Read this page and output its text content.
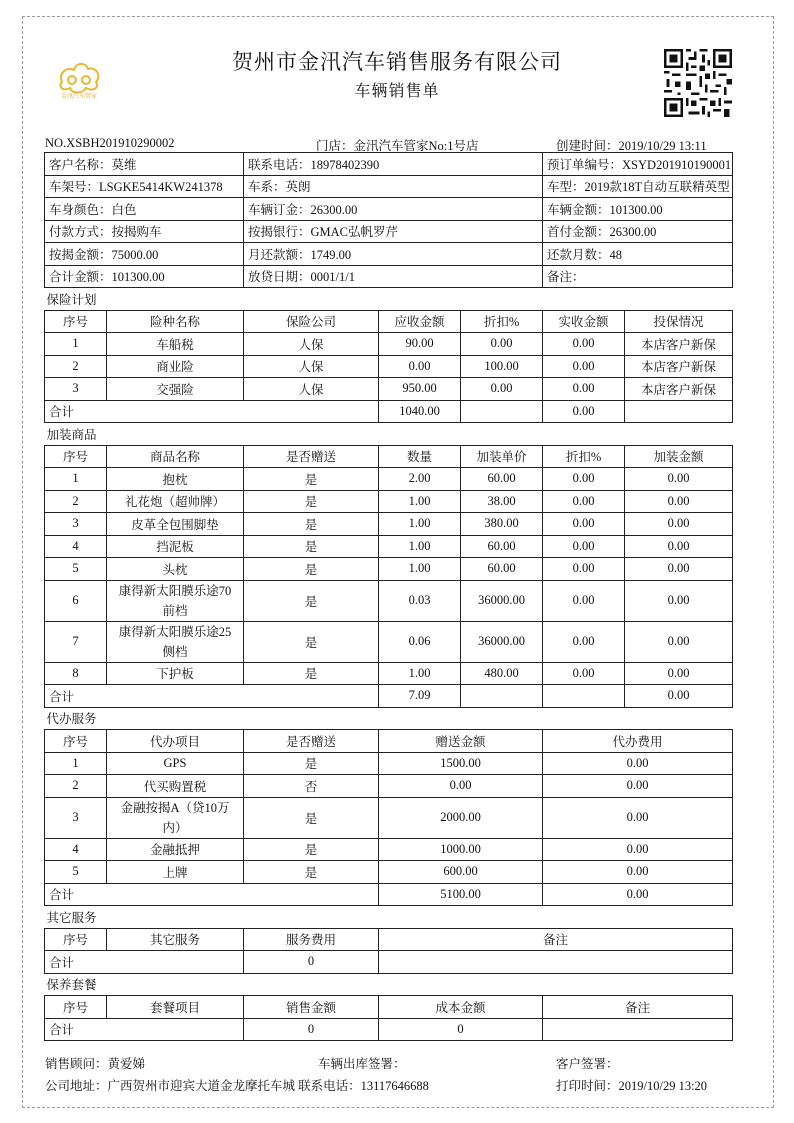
金汛汽车管家
贺州市金汛汽车销售服务有限公司
车辆销售单
NO.XSBH201910290002	门店：金汛汽车管家No:1号店	创建时间：2019/10/29 13:11
客户名称：莫维		联系电话：18978402390			预订单编号：XSYD201910190001	
车架号：LSGKE5414KW241378		车系：英朗			车型：2019款18T自动互联精英型	
车身颜色：白色		车辆订金：26300.00			车辆金额：101300.00	
付款方式：按揭购车		按揭银行：GMAC弘帆罗芹			首付金额：26300.00	
按揭金额：75000.00		月还款额：1749.00			还款月数：48	
合计金额：101300.00		放贷日期：0001/1/1			备注：	
保险计划						
序号	险种名称	保险公司	应收金额	折扣%	实收金额	投保情况
1	车船税	人保	90.00	0.00	0.00	本店客户新保
2	商业险	人保	0.00	100.00	0.00	本店客户新保
3	交强险	人保	950.00	0.00	0.00	本店客户新保
合计			1040.00		0.00	
加装商品						
序号	商品名称	是否赠送	数量	加装单价	折扣%	加装金额
1	抱枕	是	2.00	60.00	0.00	0.00
2	礼花炮（超帅牌）	是	1.00	38.00	0.00	0.00
3	皮革全包围脚垫	是	1.00	380.00	0.00	0.00
4	挡泥板	是	1.00	60.00	0.00	0.00
5	头枕	是	1.00	60.00	0.00	0.00
6	康得新太阳膜乐途70前档	是	0.03	36000.00	0.00	0.00
7	康得新太阳膜乐途25侧档	是	0.06	36000.00	0.00	0.00
8	下护板	是	1.00	480.00	0.00	0.00
合计			7.09			0.00
代办服务						
序号	代办项目	是否赠送	赠送金额		代办费用	
1	GPS	是	1500.00		0.00	
2	代买购置税	否	0.00		0.00	
3	金融按揭A（贷10万内）	是	2000.00		0.00	
4	金融抵押	是	1000.00		0.00	
5	上牌	是	600.00		0.00	
合计			5100.00		0.00	
其它服务						
序号	其它服务	服务费用	备注			
合计		0				
保养套餐						
序号	套餐项目	销售金额	成本金额		备注	
合计		0	0			
销售顾问：黄爱娣	车辆出库签署：	客户签署：
公司地址：广西贺州市迎宾大道金龙摩托车城 联系电话：13117646688	打印时间：2019/10/29 13:20
